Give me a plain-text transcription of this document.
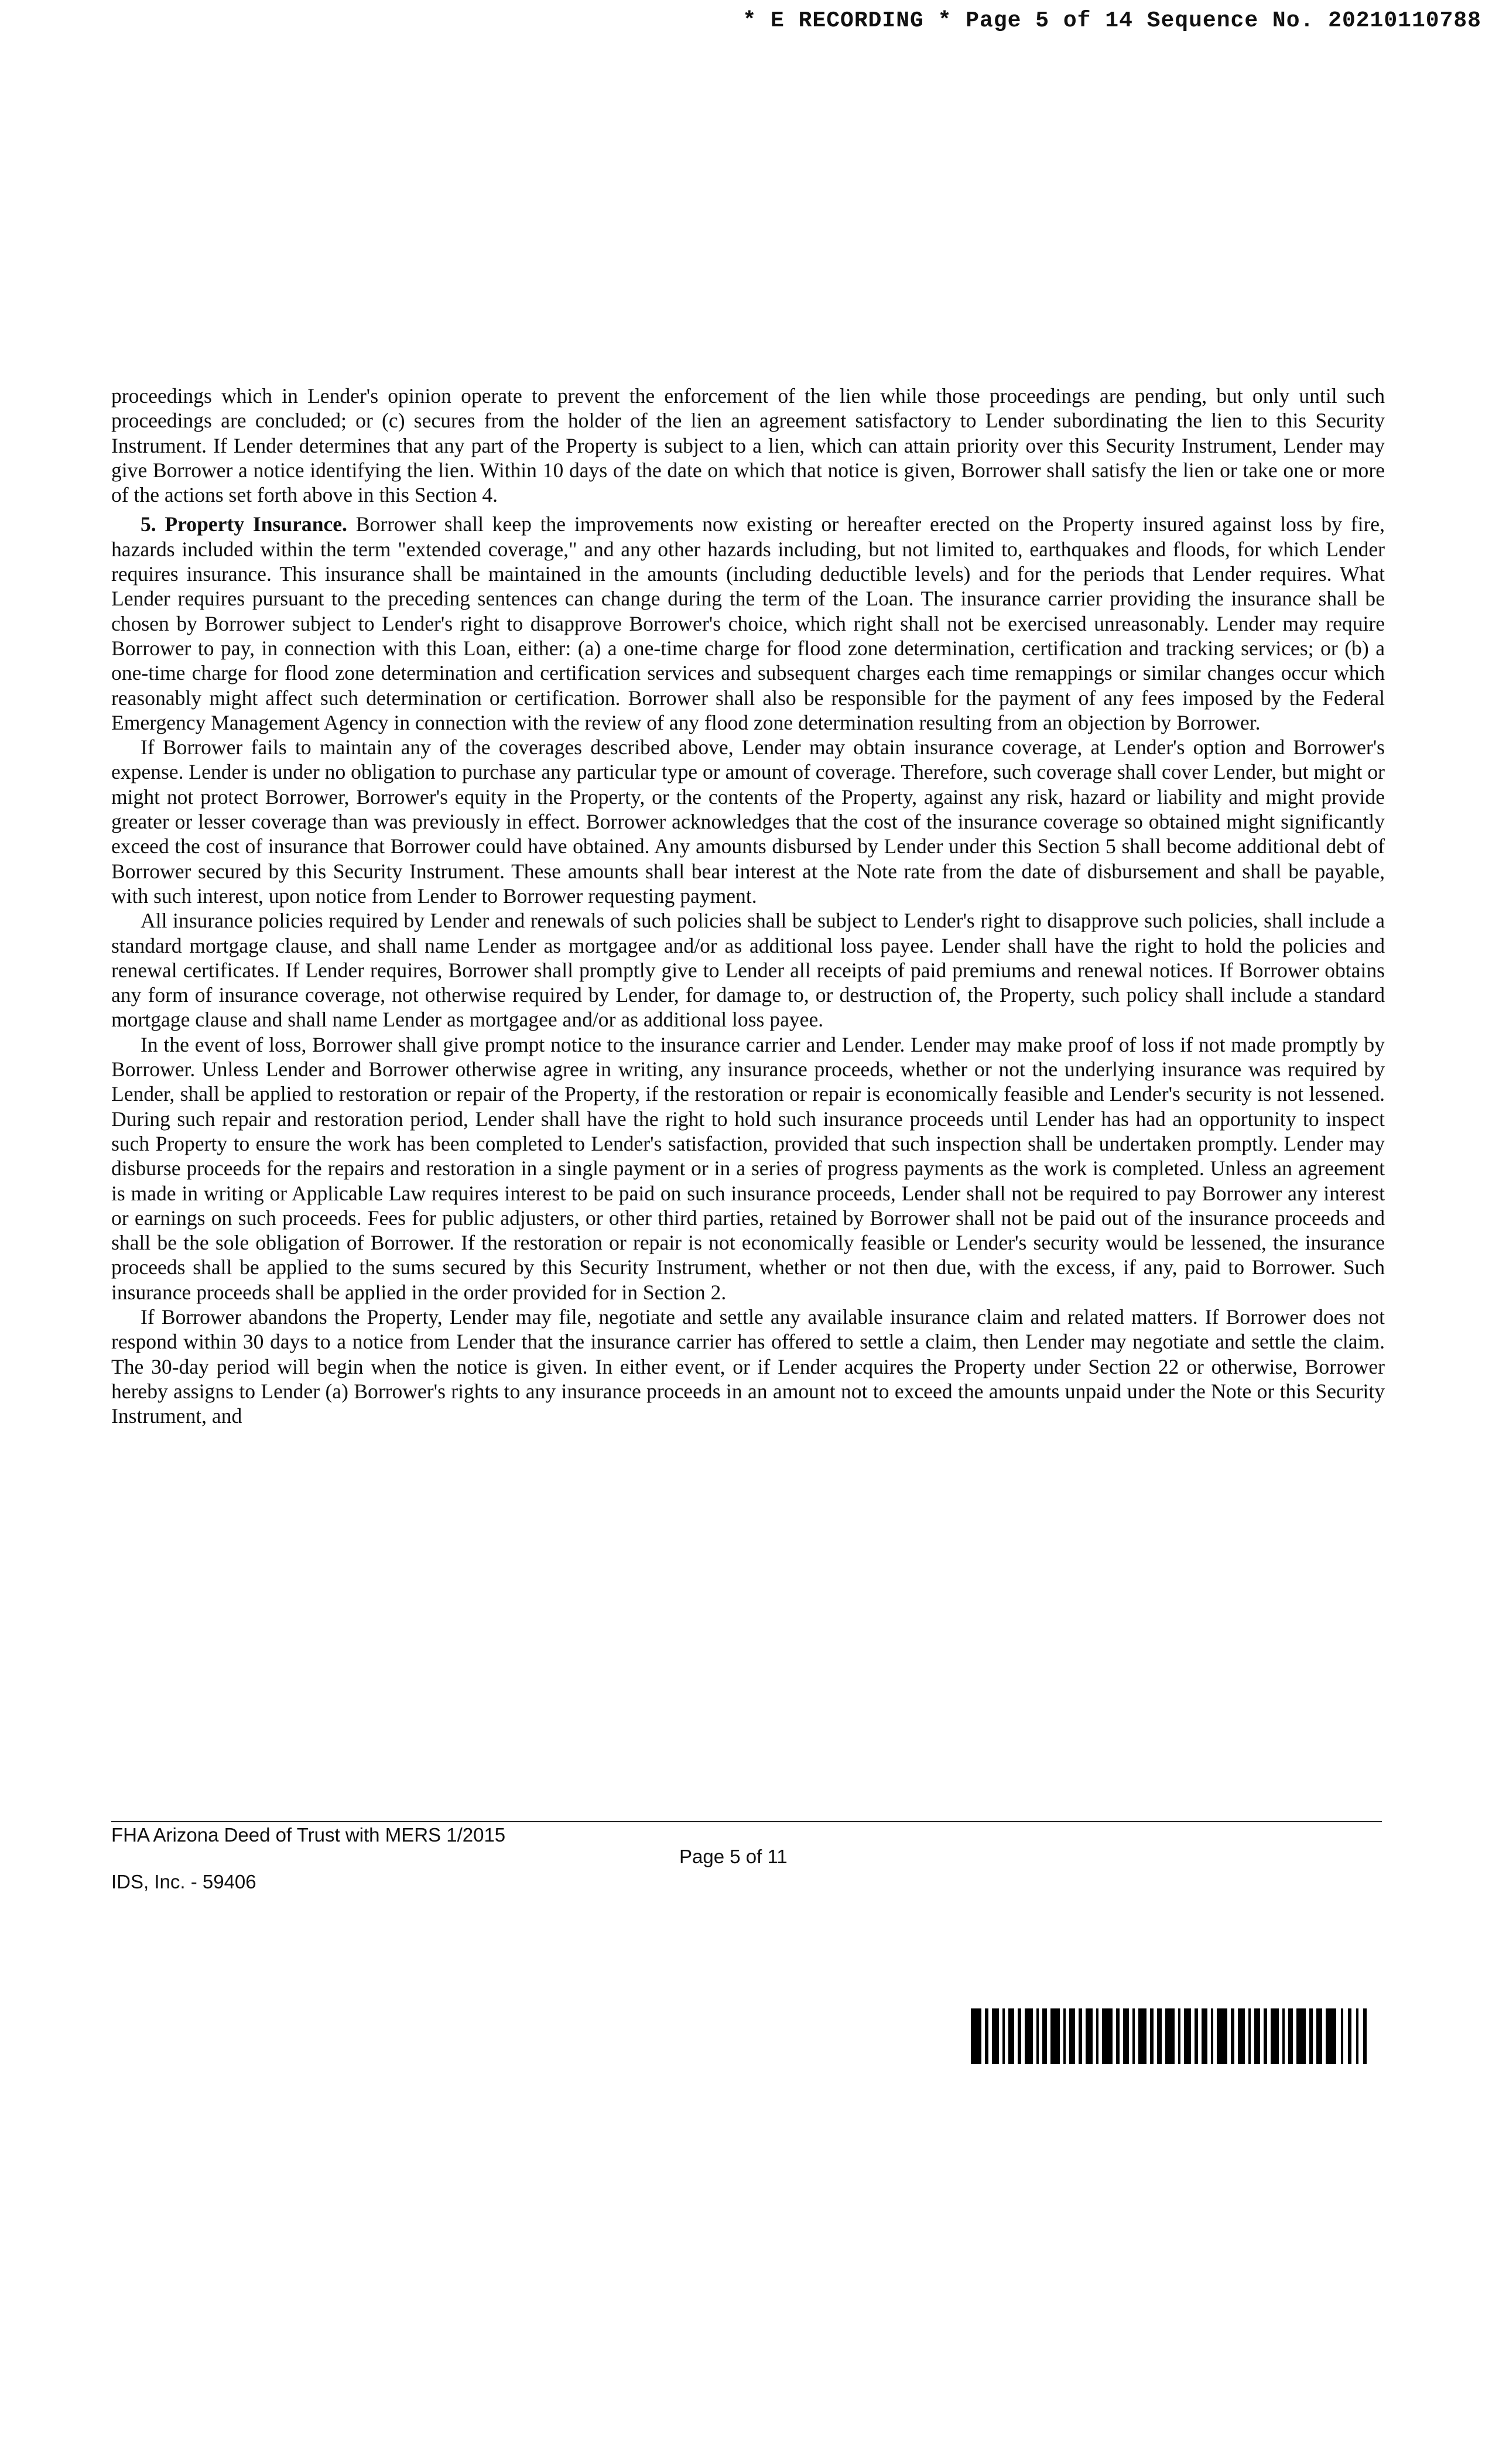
* E RECORDING * Page 5 of 14 Sequence No. 20210110788

proceedings which in Lender's opinion operate to prevent the enforcement of the lien while those proceedings are pending, but only until such proceedings are concluded; or (c) secures from the holder of the lien an agreement satisfactory to Lender subordinating the lien to this Security Instrument. If Lender determines that any part of the Property is subject to a lien, which can attain priority over this Security Instrument, Lender may give Borrower a notice identifying the lien. Within 10 days of the date on which that notice is given, Borrower shall satisfy the lien or take one or more of the actions set forth above in this Section 4.

5. Property Insurance. Borrower shall keep the improvements now existing or hereafter erected on the Property insured against loss by fire, hazards included within the term "extended coverage," and any other hazards including, but not limited to, earthquakes and floods, for which Lender requires insurance. This insurance shall be maintained in the amounts (including deductible levels) and for the periods that Lender requires. What Lender requires pursuant to the preceding sentences can change during the term of the Loan. The insurance carrier providing the insurance shall be chosen by Borrower subject to Lender's right to disapprove Borrower's choice, which right shall not be exercised unreasonably. Lender may require Borrower to pay, in connection with this Loan, either: (a) a one-time charge for flood zone determination, certification and tracking services; or (b) a one-time charge for flood zone determination and certification services and subsequent charges each time remappings or similar changes occur which reasonably might affect such determination or certification. Borrower shall also be responsible for the payment of any fees imposed by the Federal Emergency Management Agency in connection with the review of any flood zone determination resulting from an objection by Borrower.

If Borrower fails to maintain any of the coverages described above, Lender may obtain insurance coverage, at Lender's option and Borrower's expense. Lender is under no obligation to purchase any particular type or amount of coverage. Therefore, such coverage shall cover Lender, but might or might not protect Borrower, Borrower's equity in the Property, or the contents of the Property, against any risk, hazard or liability and might provide greater or lesser coverage than was previously in effect. Borrower acknowledges that the cost of the insurance coverage so obtained might significantly exceed the cost of insurance that Borrower could have obtained. Any amounts disbursed by Lender under this Section 5 shall become additional debt of Borrower secured by this Security Instrument. These amounts shall bear interest at the Note rate from the date of disbursement and shall be payable, with such interest, upon notice from Lender to Borrower requesting payment.

All insurance policies required by Lender and renewals of such policies shall be subject to Lender's right to disapprove such policies, shall include a standard mortgage clause, and shall name Lender as mortgagee and/or as additional loss payee. Lender shall have the right to hold the policies and renewal certificates. If Lender requires, Borrower shall promptly give to Lender all receipts of paid premiums and renewal notices. If Borrower obtains any form of insurance coverage, not otherwise required by Lender, for damage to, or destruction of, the Property, such policy shall include a standard mortgage clause and shall name Lender as mortgagee and/or as additional loss payee.

In the event of loss, Borrower shall give prompt notice to the insurance carrier and Lender. Lender may make proof of loss if not made promptly by Borrower. Unless Lender and Borrower otherwise agree in writing, any insurance proceeds, whether or not the underlying insurance was required by Lender, shall be applied to restoration or repair of the Property, if the restoration or repair is economically feasible and Lender's security is not lessened. During such repair and restoration period, Lender shall have the right to hold such insurance proceeds until Lender has had an opportunity to inspect such Property to ensure the work has been completed to Lender's satisfaction, provided that such inspection shall be undertaken promptly. Lender may disburse proceeds for the repairs and restoration in a single payment or in a series of progress payments as the work is completed. Unless an agreement is made in writing or Applicable Law requires interest to be paid on such insurance proceeds, Lender shall not be required to pay Borrower any interest or earnings on such proceeds. Fees for public adjusters, or other third parties, retained by Borrower shall not be paid out of the insurance proceeds and shall be the sole obligation of Borrower. If the restoration or repair is not economically feasible or Lender's security would be lessened, the insurance proceeds shall be applied to the sums secured by this Security Instrument, whether or not then due, with the excess, if any, paid to Borrower. Such insurance proceeds shall be applied in the order provided for in Section 2.

If Borrower abandons the Property, Lender may file, negotiate and settle any available insurance claim and related matters. If Borrower does not respond within 30 days to a notice from Lender that the insurance carrier has offered to settle a claim, then Lender may negotiate and settle the claim. The 30-day period will begin when the notice is given. In either event, or if Lender acquires the Property under Section 22 or otherwise, Borrower hereby assigns to Lender (a) Borrower's rights to any insurance proceeds in an amount not to exceed the amounts unpaid under the Note or this Security Instrument, and

FHA Arizona Deed of Trust with MERS 1/2015
IDS, Inc. - 59406
Page 5 of 11
